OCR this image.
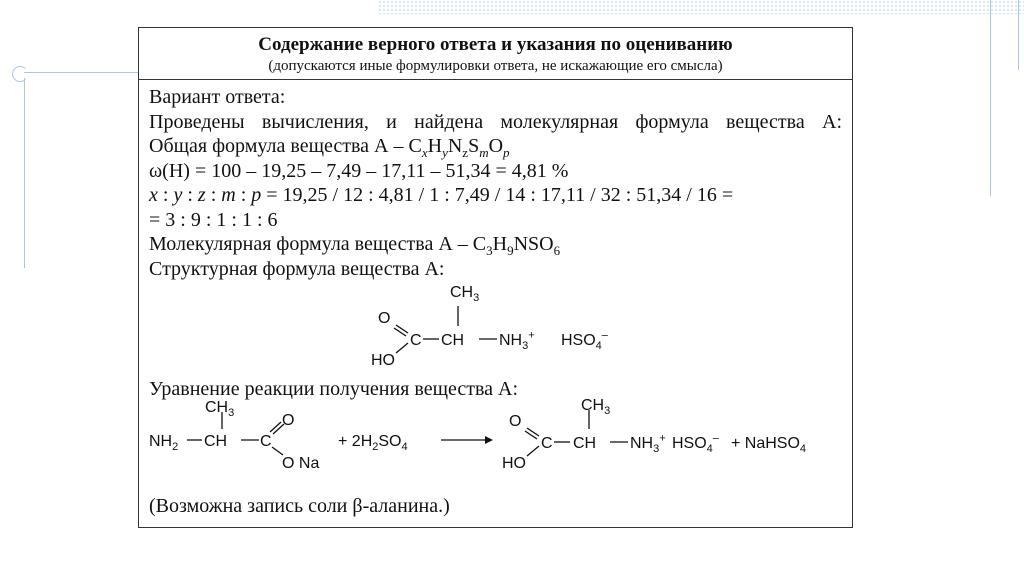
Содержание верного ответа и указания по оцениванию
(допускаются иные формулировки ответа, не искажающие его смысла)
Вариант ответа:
Проведены вычисления, и найдена молекулярная формула вещества А:
Общая формула вещества А – $C_xH_yN_zS_mO_p$
ω(H) = 100 – 19,25 – 7,49 – 17,11 – 51,34 = 4,81 %
x : y : z : m : p = 19,25 / 12 : 4,81 / 1 : 7,49 / 14 : 17,11 / 32 : 51,34 / 16 =
= 3 : 9 : 1 : 1 : 6
Молекулярная формула вещества А – $C_3H_9NSO_6$
Структурная формула вещества А:
$CH_3$
O
HO
C CH $NH_3^+$ $HSO_4^-$
Уравнение реакции получения вещества А:
$CH_3$
$NH_2$ CH C
O
O Na
+ $2H_2SO_4$
O
HO
C CH
$CH_3$
$NH_3^+$ $HSO_4^-$ + NaHSO$_4$
(Возможна запись соли β-аланина.)
